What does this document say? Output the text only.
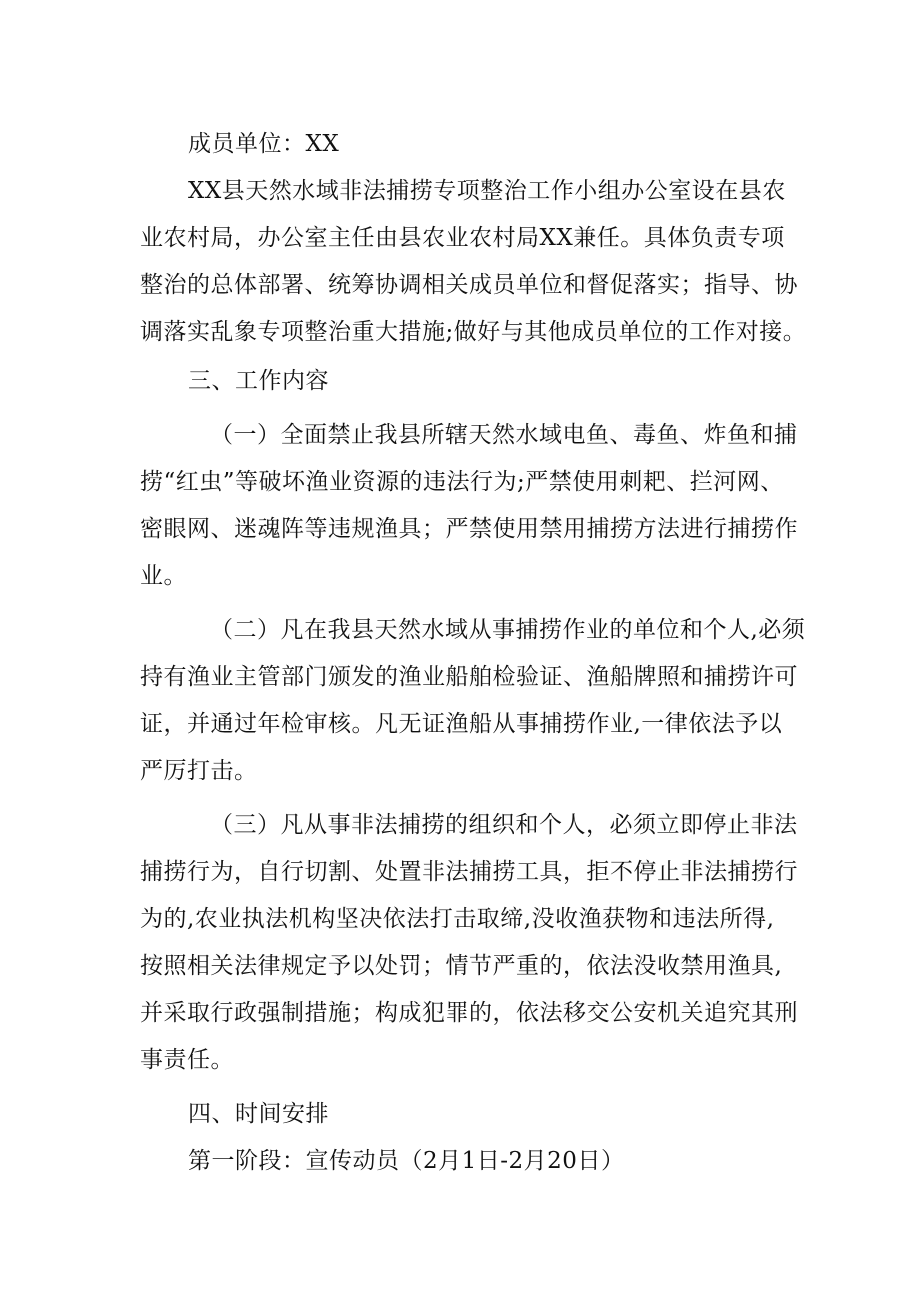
成员单位：XX
XX县天然水域非法捕捞专项整治工作小组办公室设在县农
业农村局，办公室主任由县农业农村局XX兼任。具体负责专项
整治的总体部署、统筹协调相关成员单位和督促落实；指导、协
调落实乱象专项整治重大措施;做好与其他成员单位的工作对接。
三、工作内容
（一）全面禁止我县所辖天然水域电鱼、毒鱼、炸鱼和捕
捞“红虫”等破坏渔业资源的违法行为;严禁使用刺耙、拦河网、
密眼网、迷魂阵等违规渔具；严禁使用禁用捕捞方法进行捕捞作
业。
（二）凡在我县天然水域从事捕捞作业的单位和个人,必须
持有渔业主管部门颁发的渔业船舶检验证、渔船牌照和捕捞许可
证，并通过年检审核。凡无证渔船从事捕捞作业,一律依法予以
严厉打击。
（三）凡从事非法捕捞的组织和个人，必须立即停止非法
捕捞行为，自行切割、处置非法捕捞工具，拒不停止非法捕捞行
为的,农业执法机构坚决依法打击取缔,没收渔获物和违法所得,
按照相关法律规定予以处罚；情节严重的，依法没收禁用渔具,
并采取行政强制措施；构成犯罪的，依法移交公安机关追究其刑
事责任。
四、时间安排
第一阶段：宣传动员（2月1日-2月20日）
